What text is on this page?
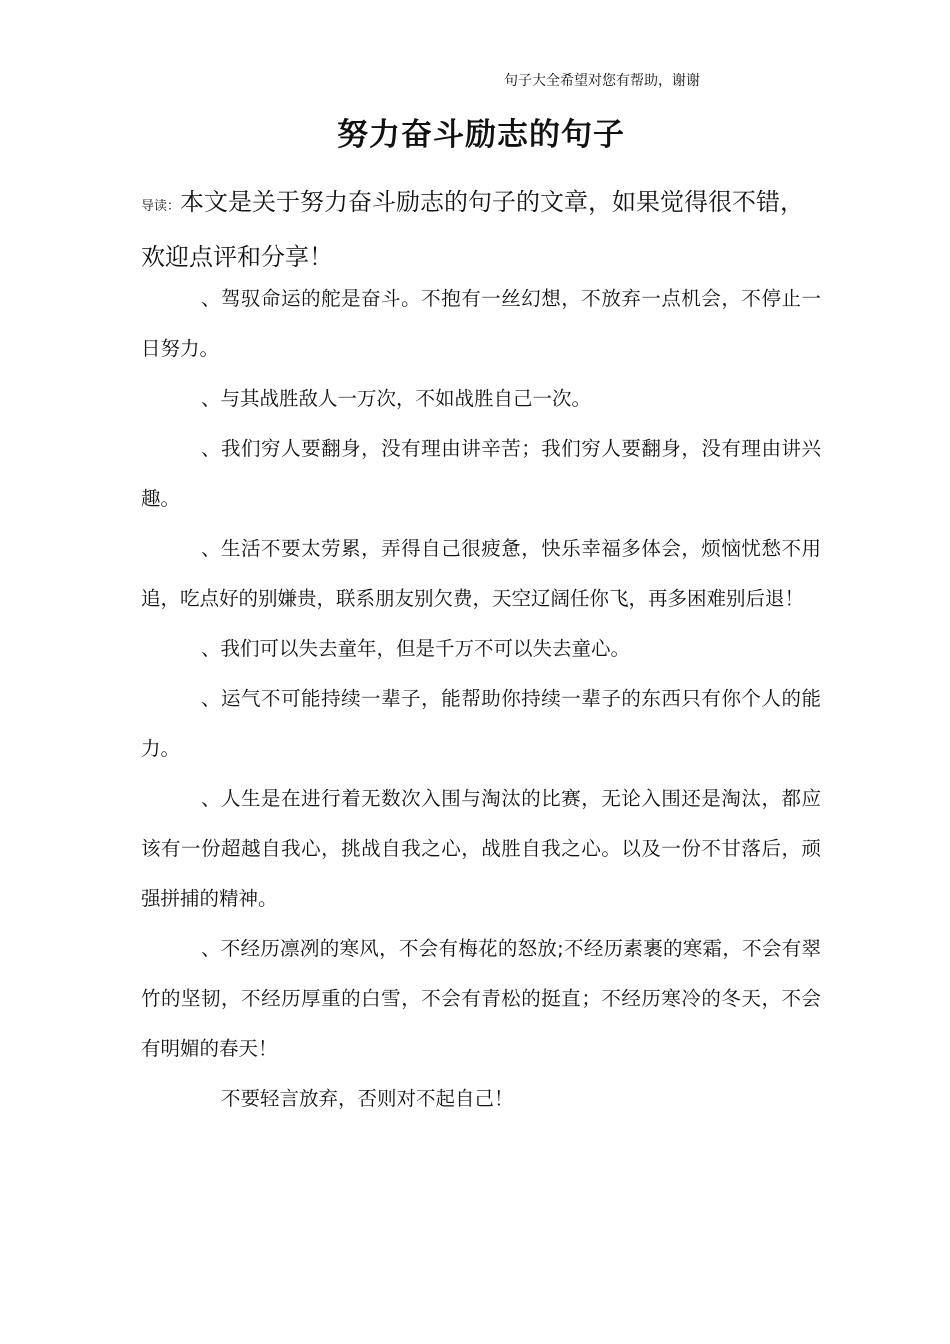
句子大全希望对您有帮助，谢谢
努力奋斗励志的句子
导读：本文是关于努力奋斗励志的句子的文章，如果觉得很不错，欢迎点评和分享！

、驾驭命运的舵是奋斗。不抱有一丝幻想，不放弃一点机会，不停止一日努力。

、与其战胜敌人一万次，不如战胜自己一次。

、我们穷人要翻身，没有理由讲辛苦；我们穷人要翻身，没有理由讲兴趣。

、生活不要太劳累，弄得自己很疲惫，快乐幸福多体会，烦恼忧愁不用追，吃点好的别嫌贵，联系朋友别欠费，天空辽阔任你飞，再多困难别后退！

、我们可以失去童年，但是千万不可以失去童心。

、运气不可能持续一辈子，能帮助你持续一辈子的东西只有你个人的能力。

、人生是在进行着无数次入围与淘汰的比赛，无论入围还是淘汰，都应该有一份超越自我心，挑战自我之心，战胜自我之心。以及一份不甘落后，顽强拼捕的精神。

、不经历凛冽的寒风，不会有梅花的怒放;不经历素裹的寒霜，不会有翠竹的坚韧，不经历厚重的白雪，不会有青松的挺直；不经历寒冷的冬天，不会有明媚的春天！

不要轻言放弃，否则对不起自己！
